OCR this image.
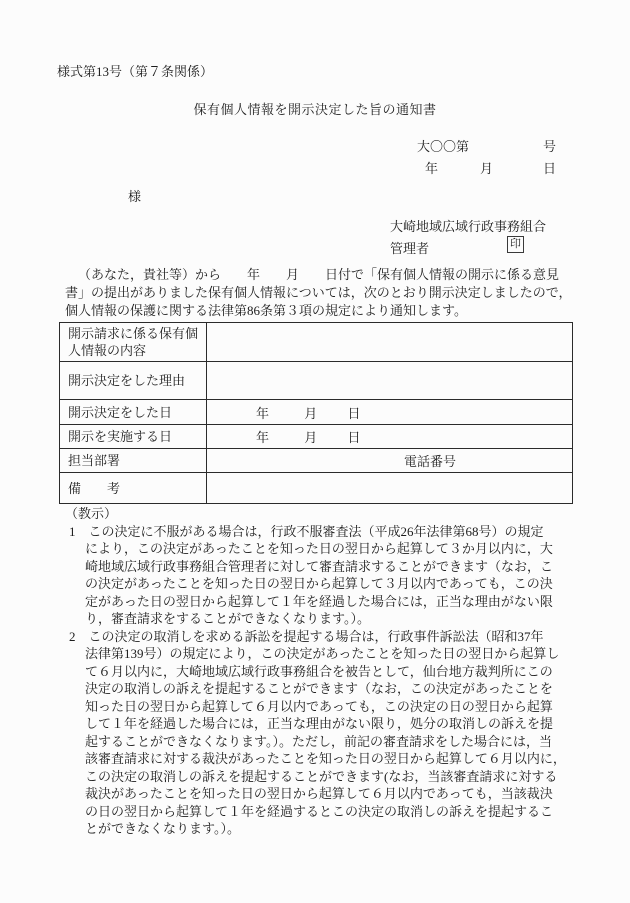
様式第13号（第７条関係）
保有個人情報を開示決定した旨の通知書
大〇〇第	号
年	月	日
様
大崎地域広域行政事務組合
管理者	印
（あなた，貴社等）から　　年　　月　　日付で「保有個人情報の開示に係る意見
書」の提出がありました保有個人情報については，次のとおり開示決定しましたので，
個人情報の保護に関する法律第86条第３項の規定により通知します。
開示請求に係る保有個人情報の内容	
開示決定をした理由	
開示決定をした日	年 月 日
開示を実施する日	年 月 日
担当部署	電話番号
備　　考	
（教示）
1　この決定に不服がある場合は，行政不服審査法（平成26年法律第68号）の規定
により，この決定があったことを知った日の翌日から起算して３か月以内に，大
崎地域広域行政事務組合管理者に対して審査請求することができます（なお，こ
の決定があったことを知った日の翌日から起算して３月以内であっても，この決
定があった日の翌日から起算して１年を経過した場合には，正当な理由がない限
り，審査請求をすることができなくなります。）。
2　この決定の取消しを求める訴訟を提起する場合は，行政事件訴訟法（昭和37年
法律第139号）の規定により，この決定があったことを知った日の翌日から起算し
て６月以内に，大崎地域広域行政事務組合を被告として，仙台地方裁判所にこの
決定の取消しの訴えを提起することができます（なお，この決定があったことを
知った日の翌日から起算して６月以内であっても，この決定の日の翌日から起算
して１年を経過した場合には，正当な理由がない限り，処分の取消しの訴えを提
起することができなくなります。）。ただし，前記の審査請求をした場合には，当
該審査請求に対する裁決があったことを知った日の翌日から起算して６月以内に，
この決定の取消しの訴えを提起することができます(なお，当該審査請求に対する
裁決があったことを知った日の翌日から起算して６月以内であっても，当該裁決
の日の翌日から起算して１年を経過するとこの決定の取消しの訴えを提起するこ
とができなくなります。）。
